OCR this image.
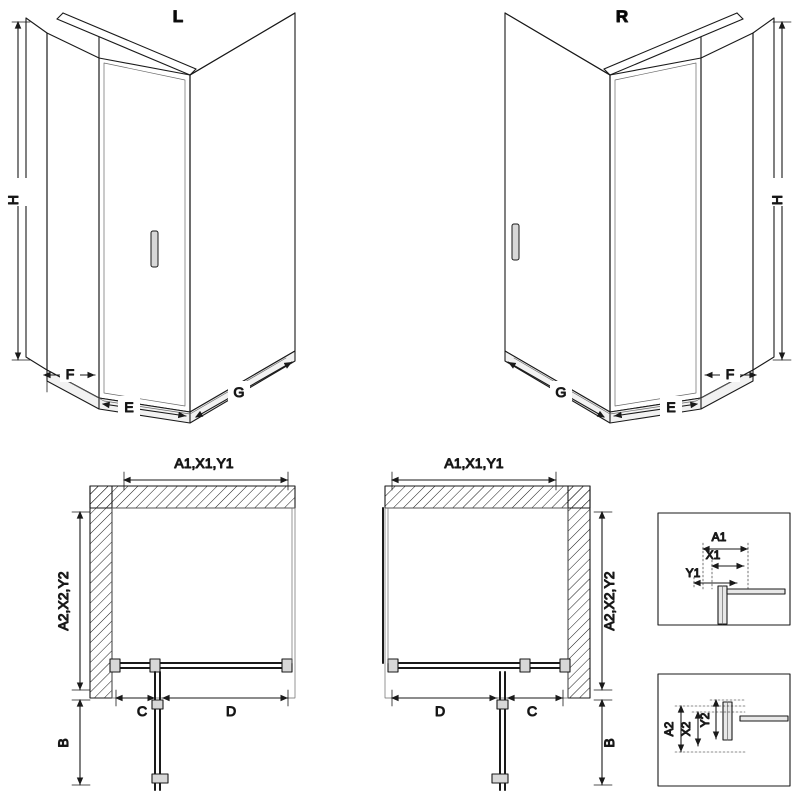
H
F
E
G
L
H
F
E
G
R
A1,X1,Y1
A2,X2,Y2
C	D
B
A1,X1,Y1
A2,X2,Y2
D	C
B
A1
X1
Y1
A2 X2
Y2
